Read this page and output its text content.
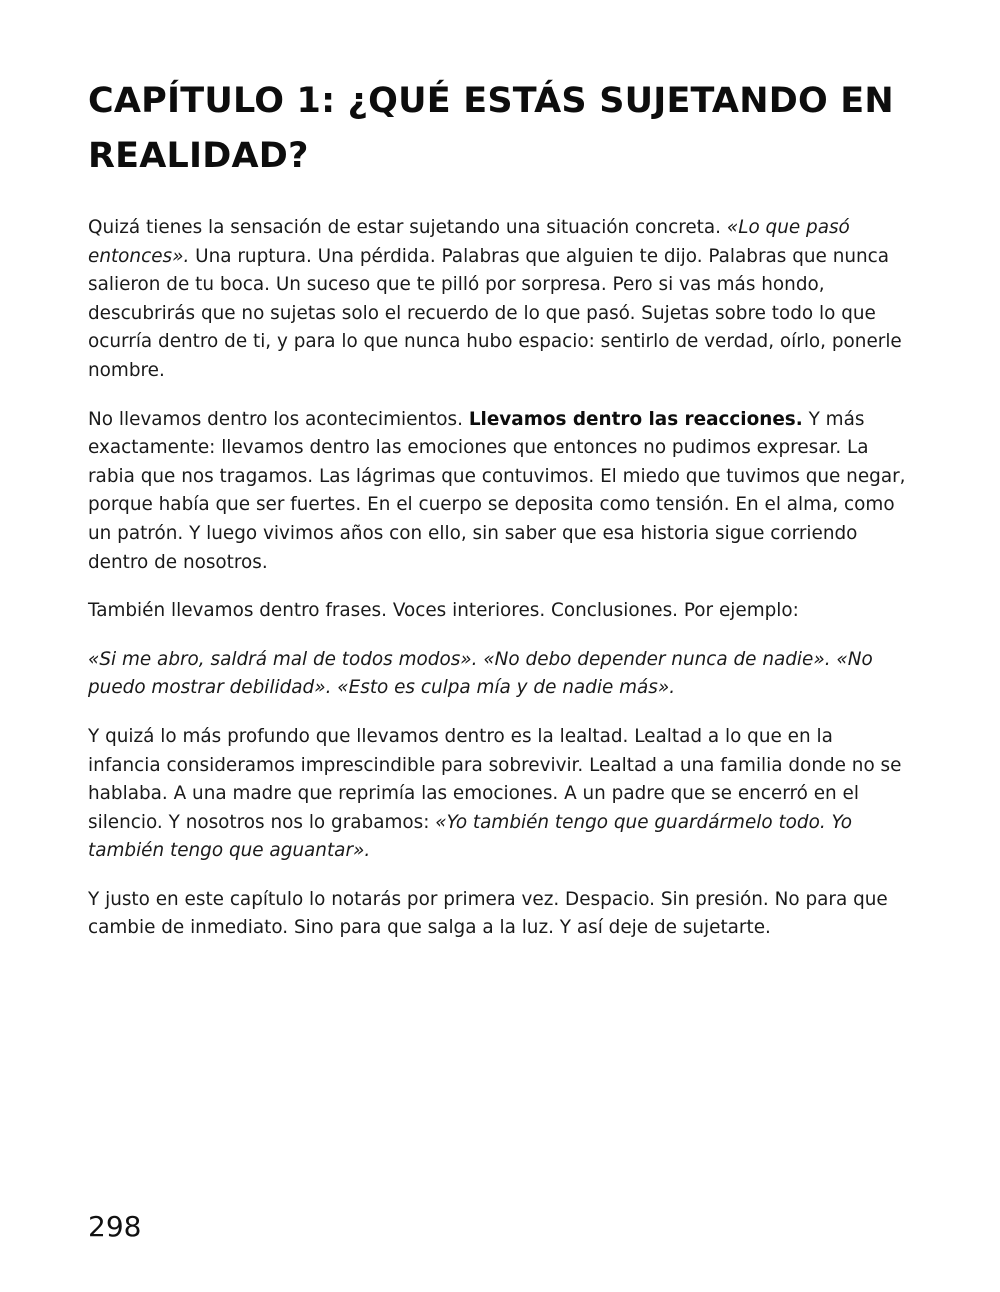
CAPÍTULO 1: ¿QUÉ ESTÁS SUJETANDO EN REALIDAD?

Quizá tienes la sensación de estar sujetando una situación concreta. «Lo que pasó entonces». Una ruptura. Una pérdida. Palabras que alguien te dijo. Palabras que nunca salieron de tu boca. Un suceso que te pilló por sorpresa. Pero si vas más hondo, descubrirás que no sujetas solo el recuerdo de lo que pasó. Sujetas sobre todo lo que ocurría dentro de ti, y para lo que nunca hubo espacio: sentirlo de verdad, oírlo, ponerle nombre.

No llevamos dentro los acontecimientos. Llevamos dentro las reacciones. Y más exactamente: llevamos dentro las emociones que entonces no pudimos expresar. La rabia que nos tragamos. Las lágrimas que contuvimos. El miedo que tuvimos que negar, porque había que ser fuertes. En el cuerpo se deposita como tensión. En el alma, como un patrón. Y luego vivimos años con ello, sin saber que esa historia sigue corriendo dentro de nosotros.

También llevamos dentro frases. Voces interiores. Conclusiones. Por ejemplo:

«Si me abro, saldrá mal de todos modos». «No debo depender nunca de nadie». «No puedo mostrar debilidad». «Esto es culpa mía y de nadie más».

Y quizá lo más profundo que llevamos dentro es la lealtad. Lealtad a lo que en la infancia consideramos imprescindible para sobrevivir. Lealtad a una familia donde no se hablaba. A una madre que reprimía las emociones. A un padre que se encerró en el silencio. Y nosotros nos lo grabamos: «Yo también tengo que guardármelo todo. Yo también tengo que aguantar».

Y justo en este capítulo lo notarás por primera vez. Despacio. Sin presión. No para que cambie de inmediato. Sino para que salga a la luz. Y así deje de sujetarte.

298
